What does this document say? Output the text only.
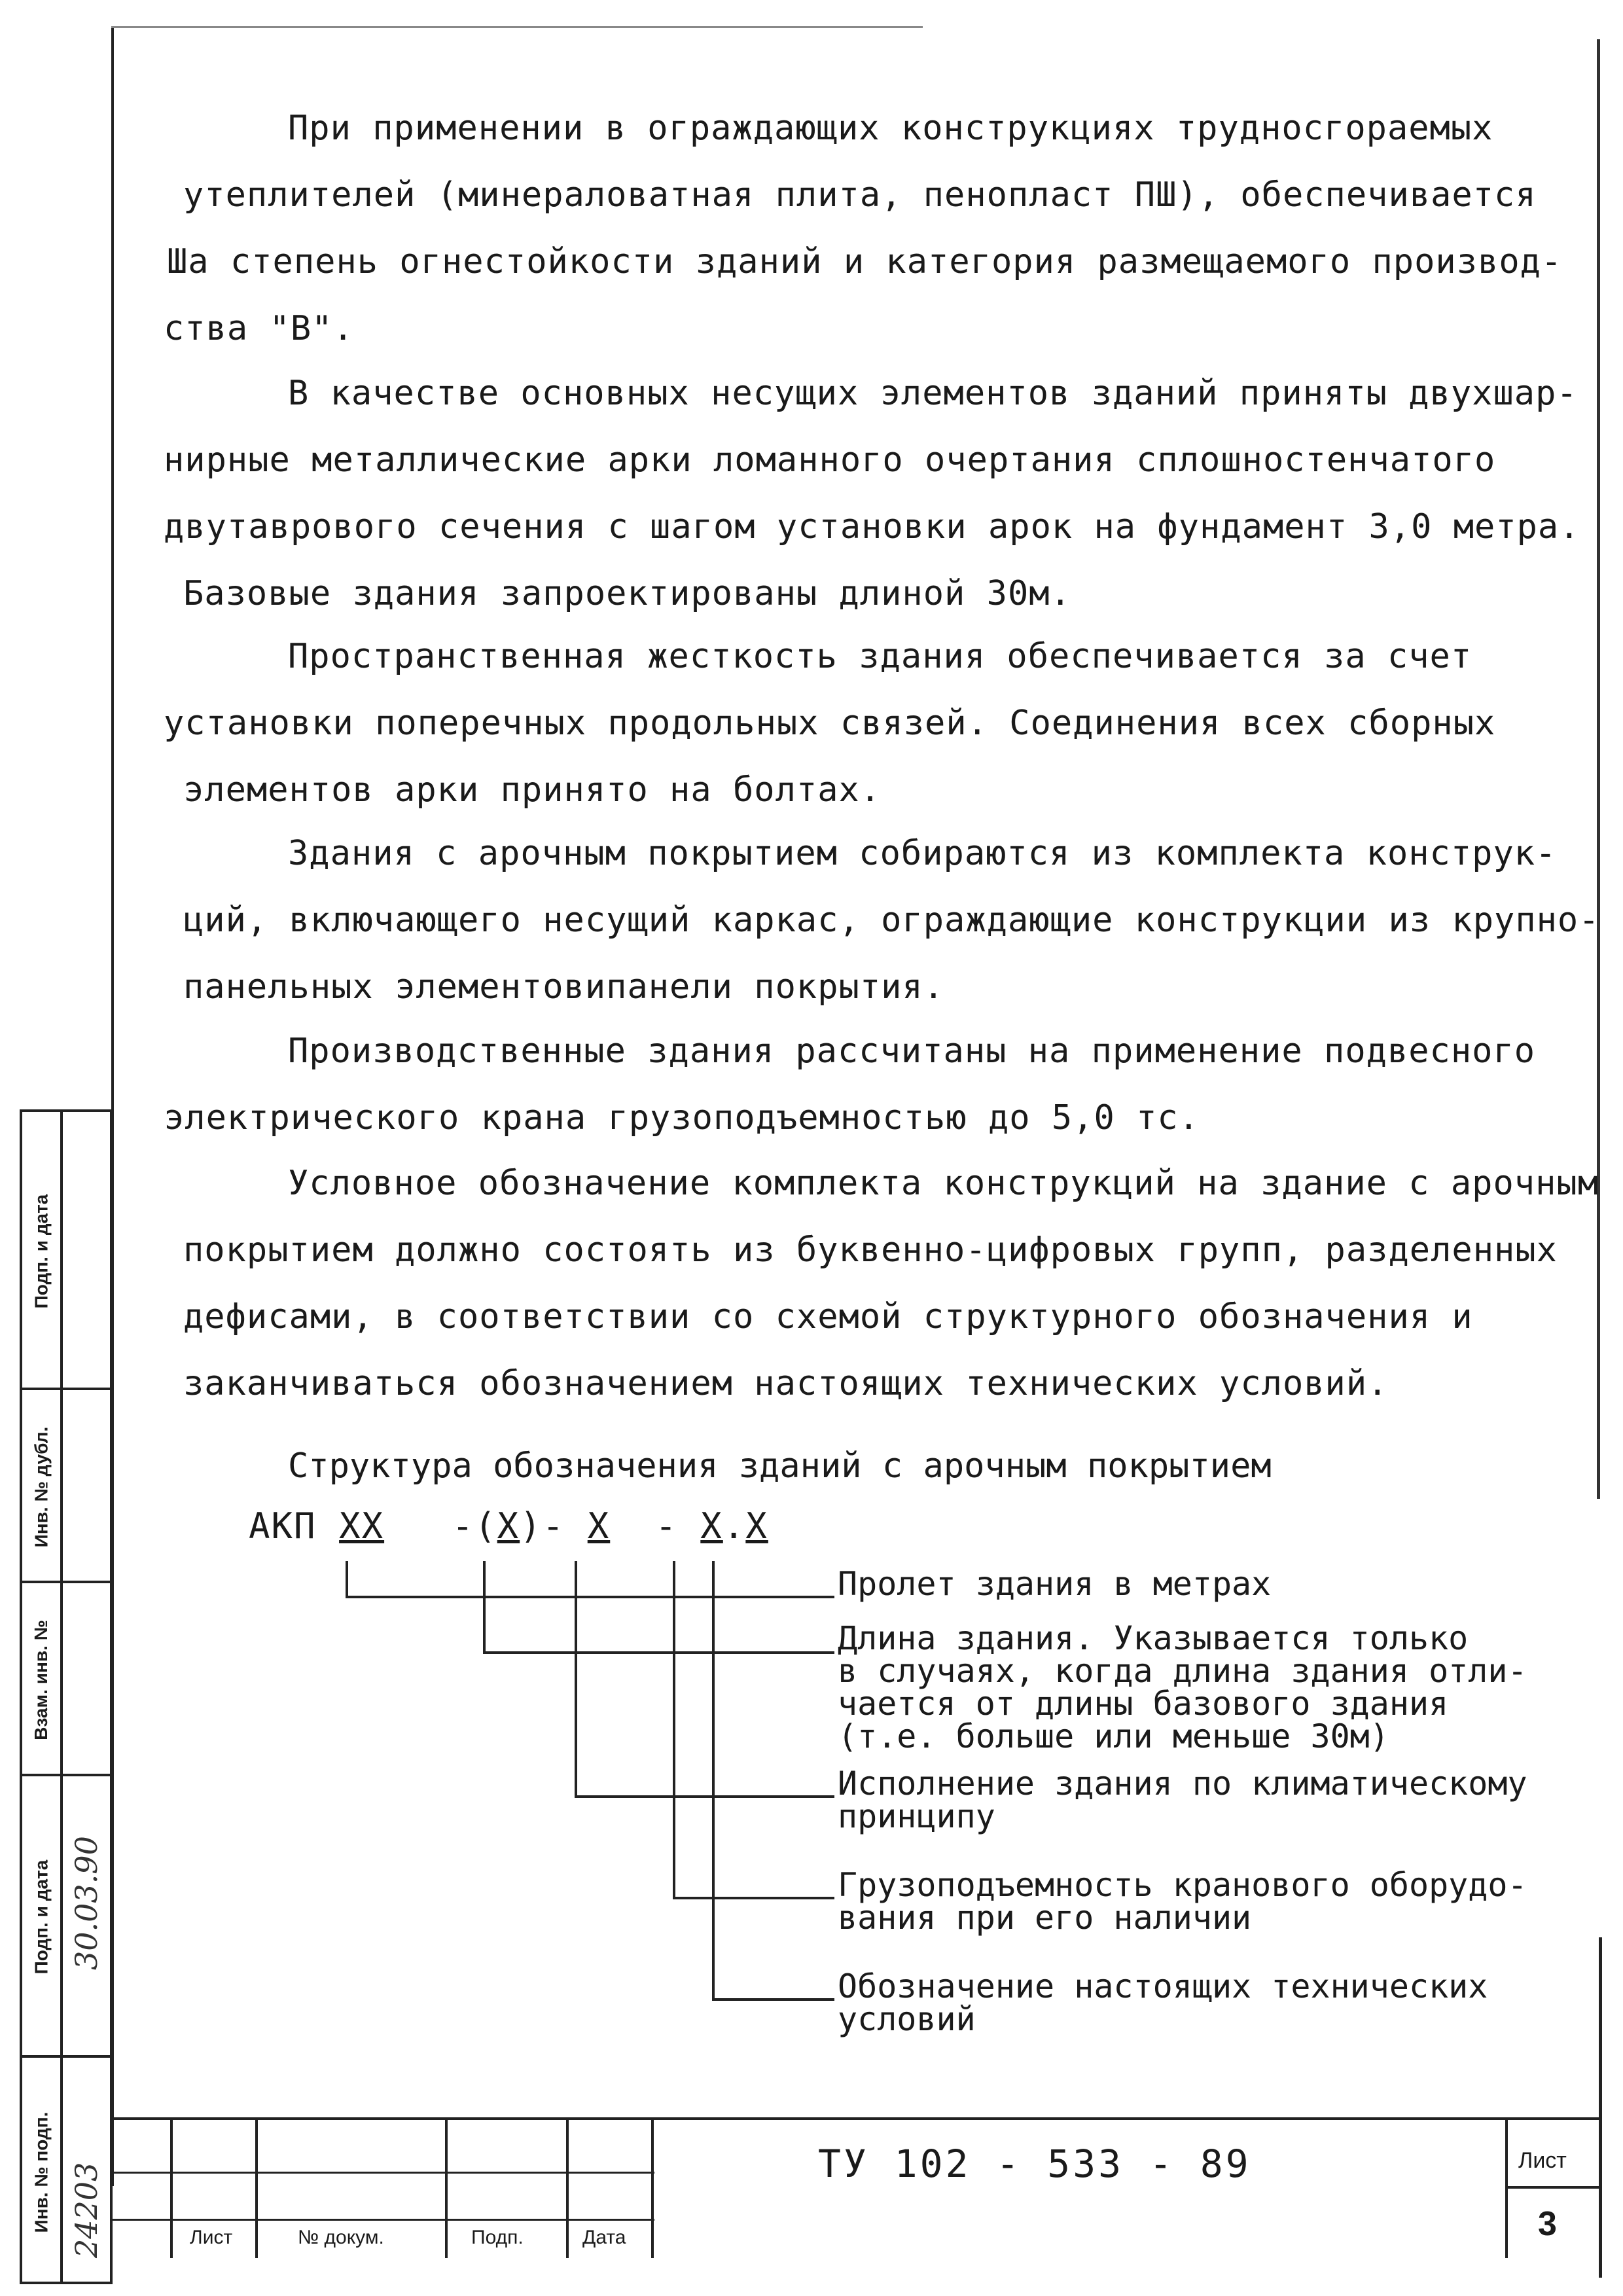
При применении в ограждающих конструкциях трудносгораемых

утеплителей (минераловатная плита, пенопласт ПШ), обеспечивается

Ша степень огнестойкости зданий и категория размещаемого производ-

ства "В".

В качестве основных несущих элементов зданий приняты двухшар-

нирные металлические арки ломанного очертания сплошностенчатого

двутаврового сечения с шагом установки арок на фундамент 3,0 метра.

Базовые здания запроектированы длиной 30м.

Пространственная жесткость здания обеспечивается за счет

установки поперечных продольных связей. Соединения всех сборных

элементов арки принято на болтах.

Здания с арочным покрытием собираются из комплекта конструк-

ций, включающего несущий каркас, ограждающие конструкции из крупно-

панельных элементовипанели покрытия.

Производственные здания рассчитаны на применение подвесного

электрического крана грузоподъемностью до 5,0 тс.

Условное обозначение комплекта конструкций на здание с арочным

покрытием должно состоять из буквенно-цифровых групп, разделенных

дефисами, в соответствии со схемой структурного обозначения и

заканчиваться обозначением настоящих технических условий.

Структура обозначения зданий с арочным покрытием

АКП ХХ -(Х)- Х  - Х.Х
Пролет здания в метрах
Длина здания. Указывается только
в случаях, когда длина здания отли-
чается от длины базового здания
(т.е. больше или меньше 30м)
Исполнение здания по климатическому
принципу
Грузоподъемность кранового оборудо-
вания при его наличии
Обозначение настоящих технических
условий
Подп. и дата
Инв. № дубл.
Взам. инв. №
Подп. и дата
Инв. № подп.
30.03.90
24203	Лист	№ докум.	Подп.	Дата
ТУ 102 - 533 - 89	Лист
3
